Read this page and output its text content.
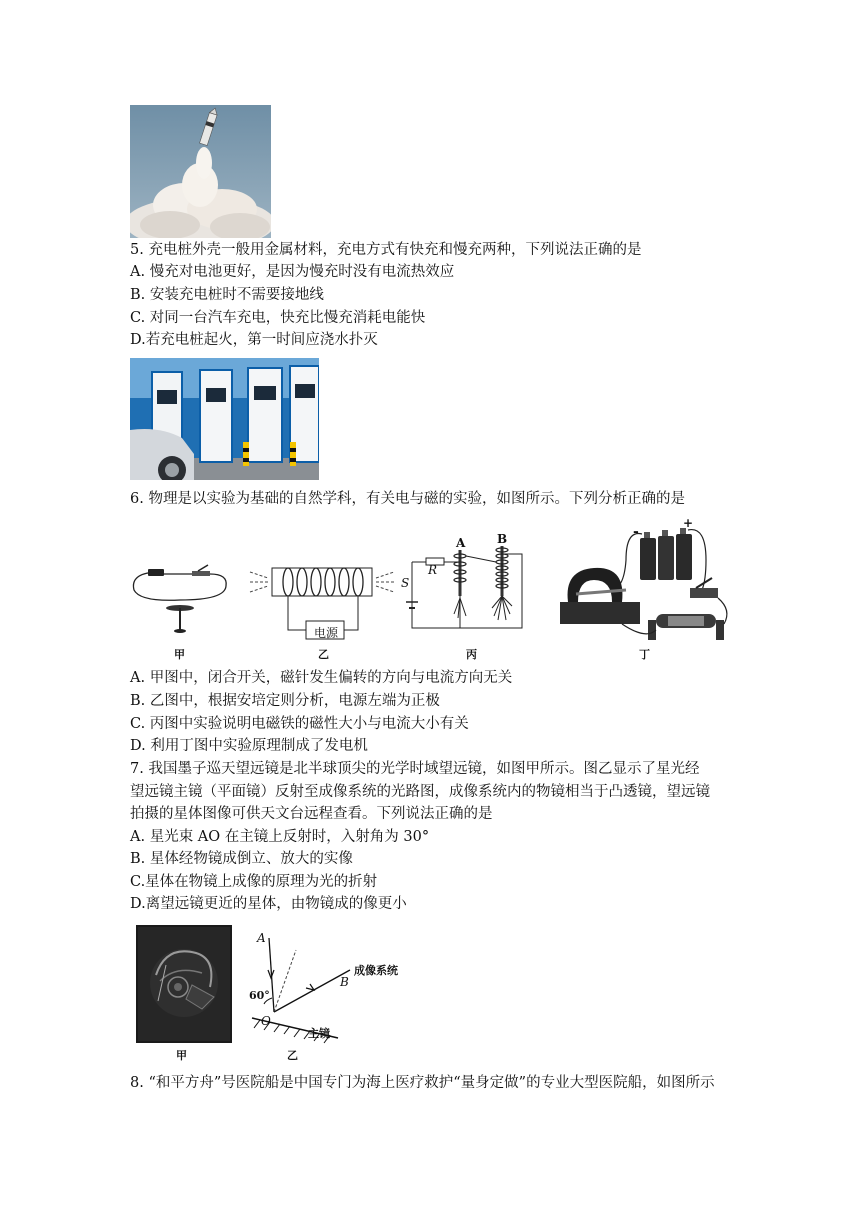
5. 充电桩外壳一般用金属材料，充电方式有快充和慢充两种，下列说法正确的是
A. 慢充对电池更好，是因为慢充时没有电流热效应
B. 安装充电桩时不需要接地线
C. 对同一台汽车充电，快充比慢充消耗电能快
D.若充电桩起火，第一时间应浇水扑灭
6. 物理是以实验为基础的自然学科，有关电与磁的实验，如图所示。下列分析正确的是
甲
电源
乙
S
R
A	B
丙
-
+
丁
A. 甲图中，闭合开关，磁针发生偏转的方向与电流方向无关
B. 乙图中，根据安培定则分析，电源左端为正极
C. 丙图中实验说明电磁铁的磁性大小与电流大小有关
D. 利用丁图中实验原理制成了发电机
7. 我国墨子巡天望远镜是北半球顶尖的光学时域望远镜，如图甲所示。图乙显示了星光经
望远镜主镜（平面镜）反射至成像系统的光路图，成像系统内的物镜相当于凸透镜，望远镜
拍摄的星体图像可供天文台远程查看。下列说法正确的是
A. 星光束 AO 在主镜上反射时，入射角为 30°
B. 星体经物镜成倒立、放大的实像
C.星体在物镜上成像的原理为光的折射
D.离望远镜更近的星体，由物镜成的像更小
甲
A
B
O
60°
成像系统
主镜
乙
8. “和平方舟”号医院船是中国专门为海上医疗救护“量身定做”的专业大型医院船，如图所示
